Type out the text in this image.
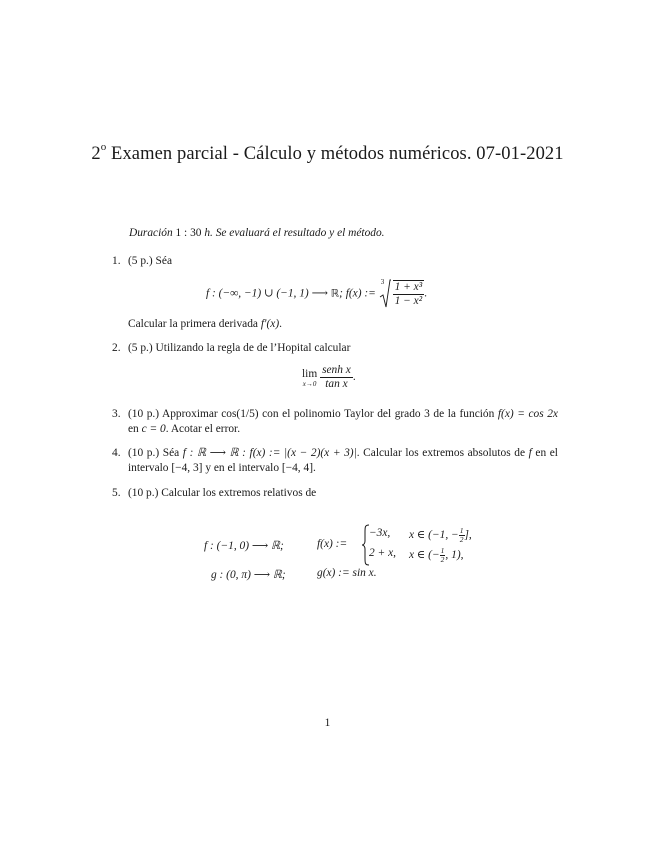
2$^o$ Examen parcial - Cálculo y métodos numéricos. 07-01-2021
Duración 1 : 30 h. Se evaluará el resultado y el método.
1. (5 p.) Séa
f : (−∞, −1) ∪ (−1, 1) ⟶ ℝ; f(x) :=
$3 \frac{\text{1 + x³}}{\text{1 − x²}}$ .
Calcular la primera derivada f′(x).
2. (5 p.) Utilizando la regla de de l’Hopital calcular
lim
x→0
$\frac{\text{senh x}}{\text{tan x}}$ .
3. (10 p.) Approximar cos(1/5) con el polinomio Taylor del grado 3 de la función f(x) = cos 2x en c = 0. Acotar el error.
4. (10 p.) Séa f : ℝ ⟶ ℝ : f(x) := |(x − 2)(x + 3)|. Calcular los extremos absolutos de f en el intervalo [−4, 3] y en el intervalo [−4, 4].
5. (10 p.) Calcular los extremos relativos de
f : (−1, 0) ⟶ ℝ;	f(x) :=
−3x, x ∈ (−1, − $\frac{1}{2}$ ],
2 + x, x ∈ (− $\frac{1}{2}$ , 1),
g : (0, π) ⟶ ℝ;	g(x) := sin x.
1
